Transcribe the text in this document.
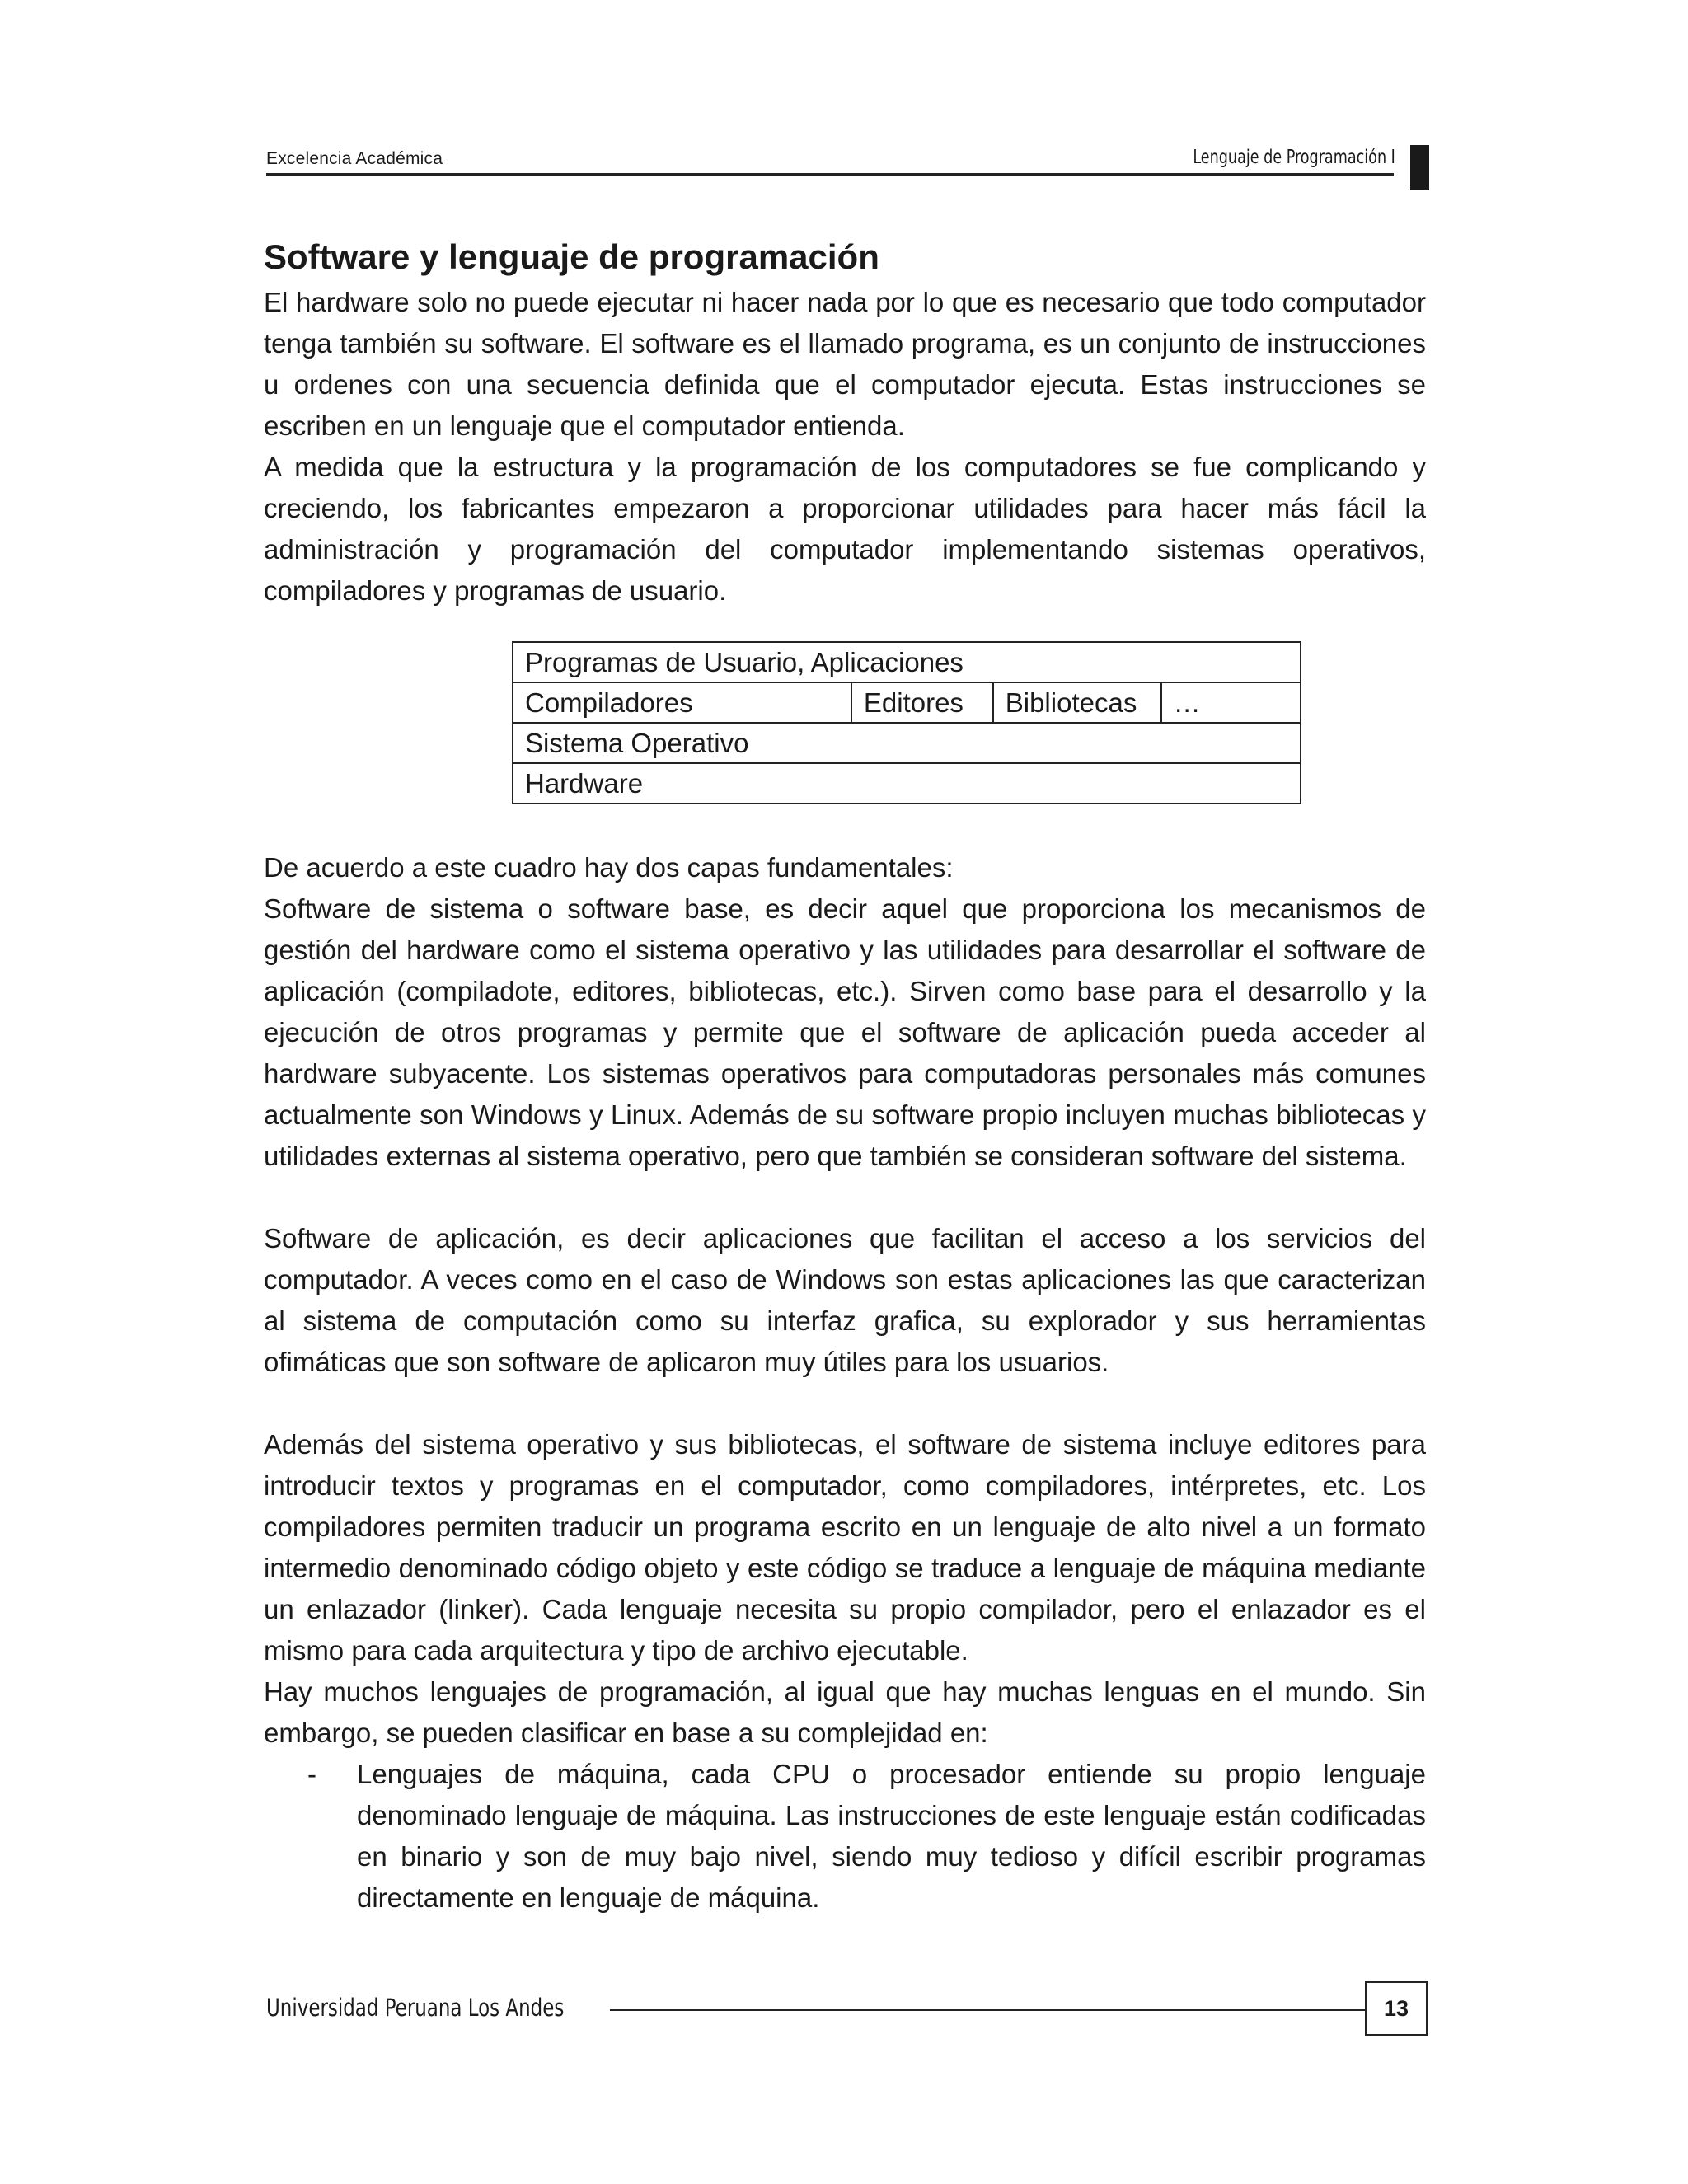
Excelencia Académica	Lenguaje de Programación I
Software y lenguaje de programación

El hardware solo no puede ejecutar ni hacer nada por lo que es necesario que todo computador tenga también su software. El software es el llamado programa, es un conjunto de instrucciones u ordenes con una secuencia definida que el computador ejecuta. Estas instrucciones se escriben en un lenguaje que el computador entienda.

A medida que la estructura y la programación de los computadores se fue complicando y creciendo, los fabricantes empezaron a proporcionar utilidades para hacer más fácil la administración y programación del computador implementando sistemas operativos, compiladores y programas de usuario.

Programas de Usuario, Aplicaciones
Compiladores	Editores	Bibliotecas	…
Sistema Operativo
Hardware

De acuerdo a este cuadro hay dos capas fundamentales:

Software de sistema o software base, es decir aquel que proporciona los mecanismos de gestión del hardware como el sistema operativo y las utilidades para desarrollar el software de aplicación (compiladote, editores, bibliotecas, etc.). Sirven como base para el desarrollo y la ejecución de otros programas y permite que el software de aplicación pueda acceder al hardware subyacente. Los sistemas operativos para computadoras personales más comunes actualmente son Windows y Linux. Además de su software propio incluyen muchas bibliotecas y utilidades externas al sistema operativo, pero que también se consideran software del sistema.

Software de aplicación, es decir aplicaciones que facilitan el acceso a los servicios del computador. A veces como en el caso de Windows son estas aplicaciones las que caracterizan al sistema de computación como su interfaz grafica, su explorador y sus herramientas ofimáticas que son software de aplicaron muy útiles para los usuarios.

Además del sistema operativo y sus bibliotecas, el software de sistema incluye editores para introducir textos y programas en el computador, como compiladores, intérpretes, etc. Los compiladores permiten traducir un programa escrito en un lenguaje de alto nivel a un formato intermedio denominado código objeto y este código se traduce a lenguaje de máquina mediante un enlazador (linker). Cada lenguaje necesita su propio compilador, pero el enlazador es el mismo para cada arquitectura y tipo de archivo ejecutable.

Hay muchos lenguajes de programación, al igual que hay muchas lenguas en el mundo. Sin embargo, se pueden clasificar en base a su complejidad en:

- Lenguajes de máquina, cada CPU o procesador entiende su propio lenguaje denominado lenguaje de máquina. Las instrucciones de este lenguaje están codificadas en binario y son de muy bajo nivel, siendo muy tedioso y difícil escribir programas directamente en lenguaje de máquina.
Universidad Peruana Los Andes	13
